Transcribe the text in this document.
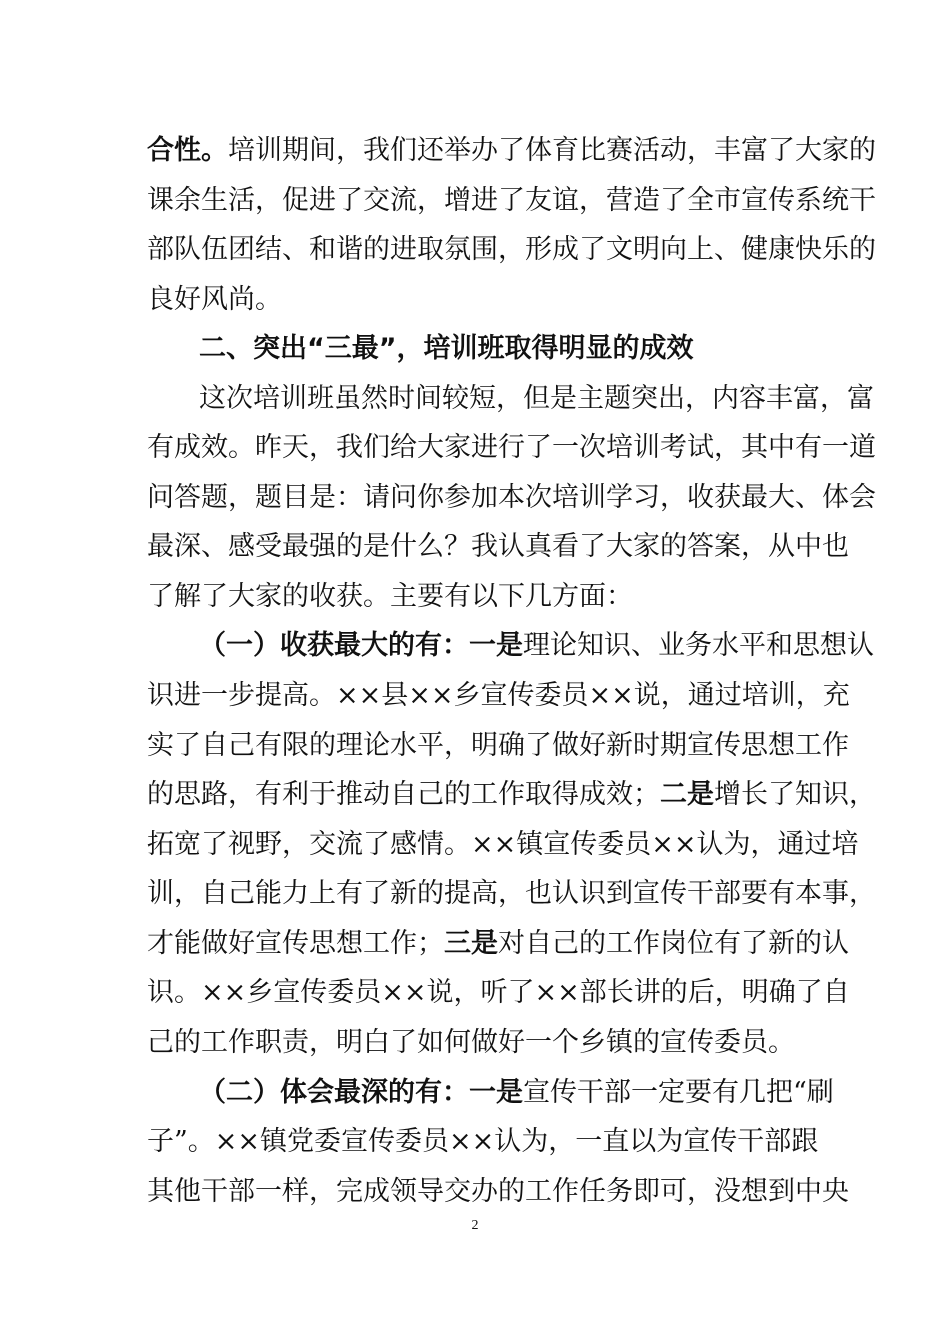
合性。培训期间，我们还举办了体育比赛活动，丰富了大家的
课余生活，促进了交流，增进了友谊，营造了全市宣传系统干
部队伍团结、和谐的进取氛围，形成了文明向上、健康快乐的
良好风尚。
二、突出“三最”，培训班取得明显的成效
这次培训班虽然时间较短，但是主题突出，内容丰富，富
有成效。昨天，我们给大家进行了一次培训考试，其中有一道
问答题，题目是：请问你参加本次培训学习，收获最大、体会
最深、感受最强的是什么？我认真看了大家的答案，从中也
了解了大家的收获。主要有以下几方面：
（一）收获最大的有：一是理论知识、业务水平和思想认
识进一步提高。××县××乡宣传委员××说，通过培训，充
实了自己有限的理论水平，明确了做好新时期宣传思想工作
的思路，有利于推动自己的工作取得成效；二是增长了知识，
拓宽了视野，交流了感情。××镇宣传委员××认为，通过培
训，自己能力上有了新的提高，也认识到宣传干部要有本事，
才能做好宣传思想工作；三是对自己的工作岗位有了新的认
识。××乡宣传委员××说，听了××部长讲的后，明确了自
己的工作职责，明白了如何做好一个乡镇的宣传委员。
（二）体会最深的有：一是宣传干部一定要有几把“刷
子”。××镇党委宣传委员××认为，一直以为宣传干部跟
其他干部一样，完成领导交办的工作任务即可，没想到中央
2
